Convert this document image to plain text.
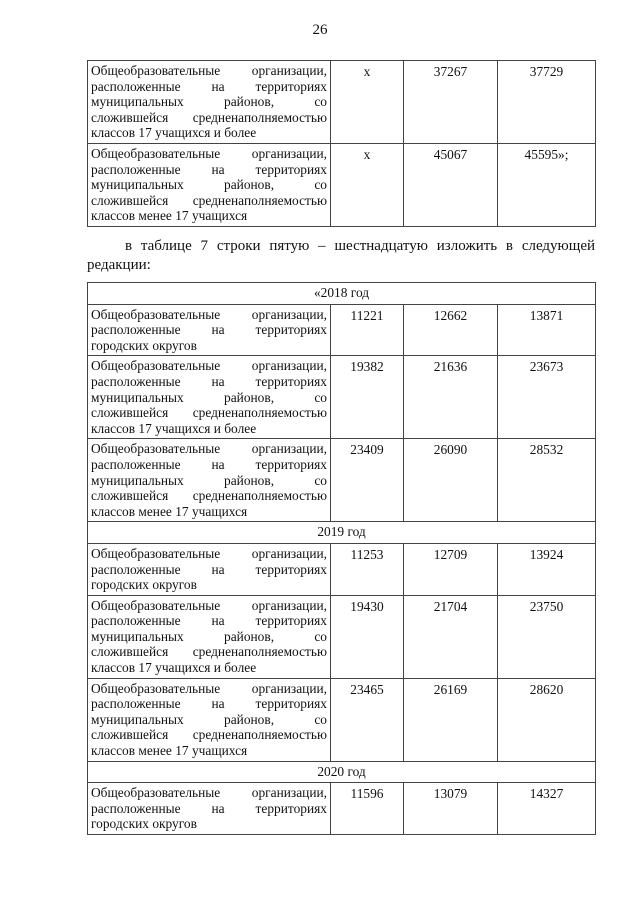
26
Общеобразовательные организации, расположенные на территориях муниципальных районов, со сложившейся средненаполняемостью классов 17 учащихся и более	х	37267	37729
Общеобразовательные организации, расположенные на территориях муниципальных районов, со сложившейся средненаполняемостью классов менее 17 учащихся	х	45067	45595»;
в таблице 7 строки пятую – шестнадцатую изложить в следующей редакции:
«2018 год			
Общеобразовательные организации, расположенные на территориях городских округов	11221	12662	13871
Общеобразовательные организации, расположенные на территориях муниципальных районов, со сложившейся средненаполняемостью классов 17 учащихся и более	19382	21636	23673
Общеобразовательные организации, расположенные на территориях муниципальных районов, со сложившейся средненаполняемостью классов менее 17 учащихся	23409	26090	28532
2019 год			
Общеобразовательные организации, расположенные на территориях городских округов	11253	12709	13924
Общеобразовательные организации, расположенные на территориях муниципальных районов, со сложившейся средненаполняемостью классов 17 учащихся и более	19430	21704	23750
Общеобразовательные организации, расположенные на территориях муниципальных районов, со сложившейся средненаполняемостью классов менее 17 учащихся	23465	26169	28620
2020 год			
Общеобразовательные организации, расположенные на территориях городских округов	11596	13079	14327
